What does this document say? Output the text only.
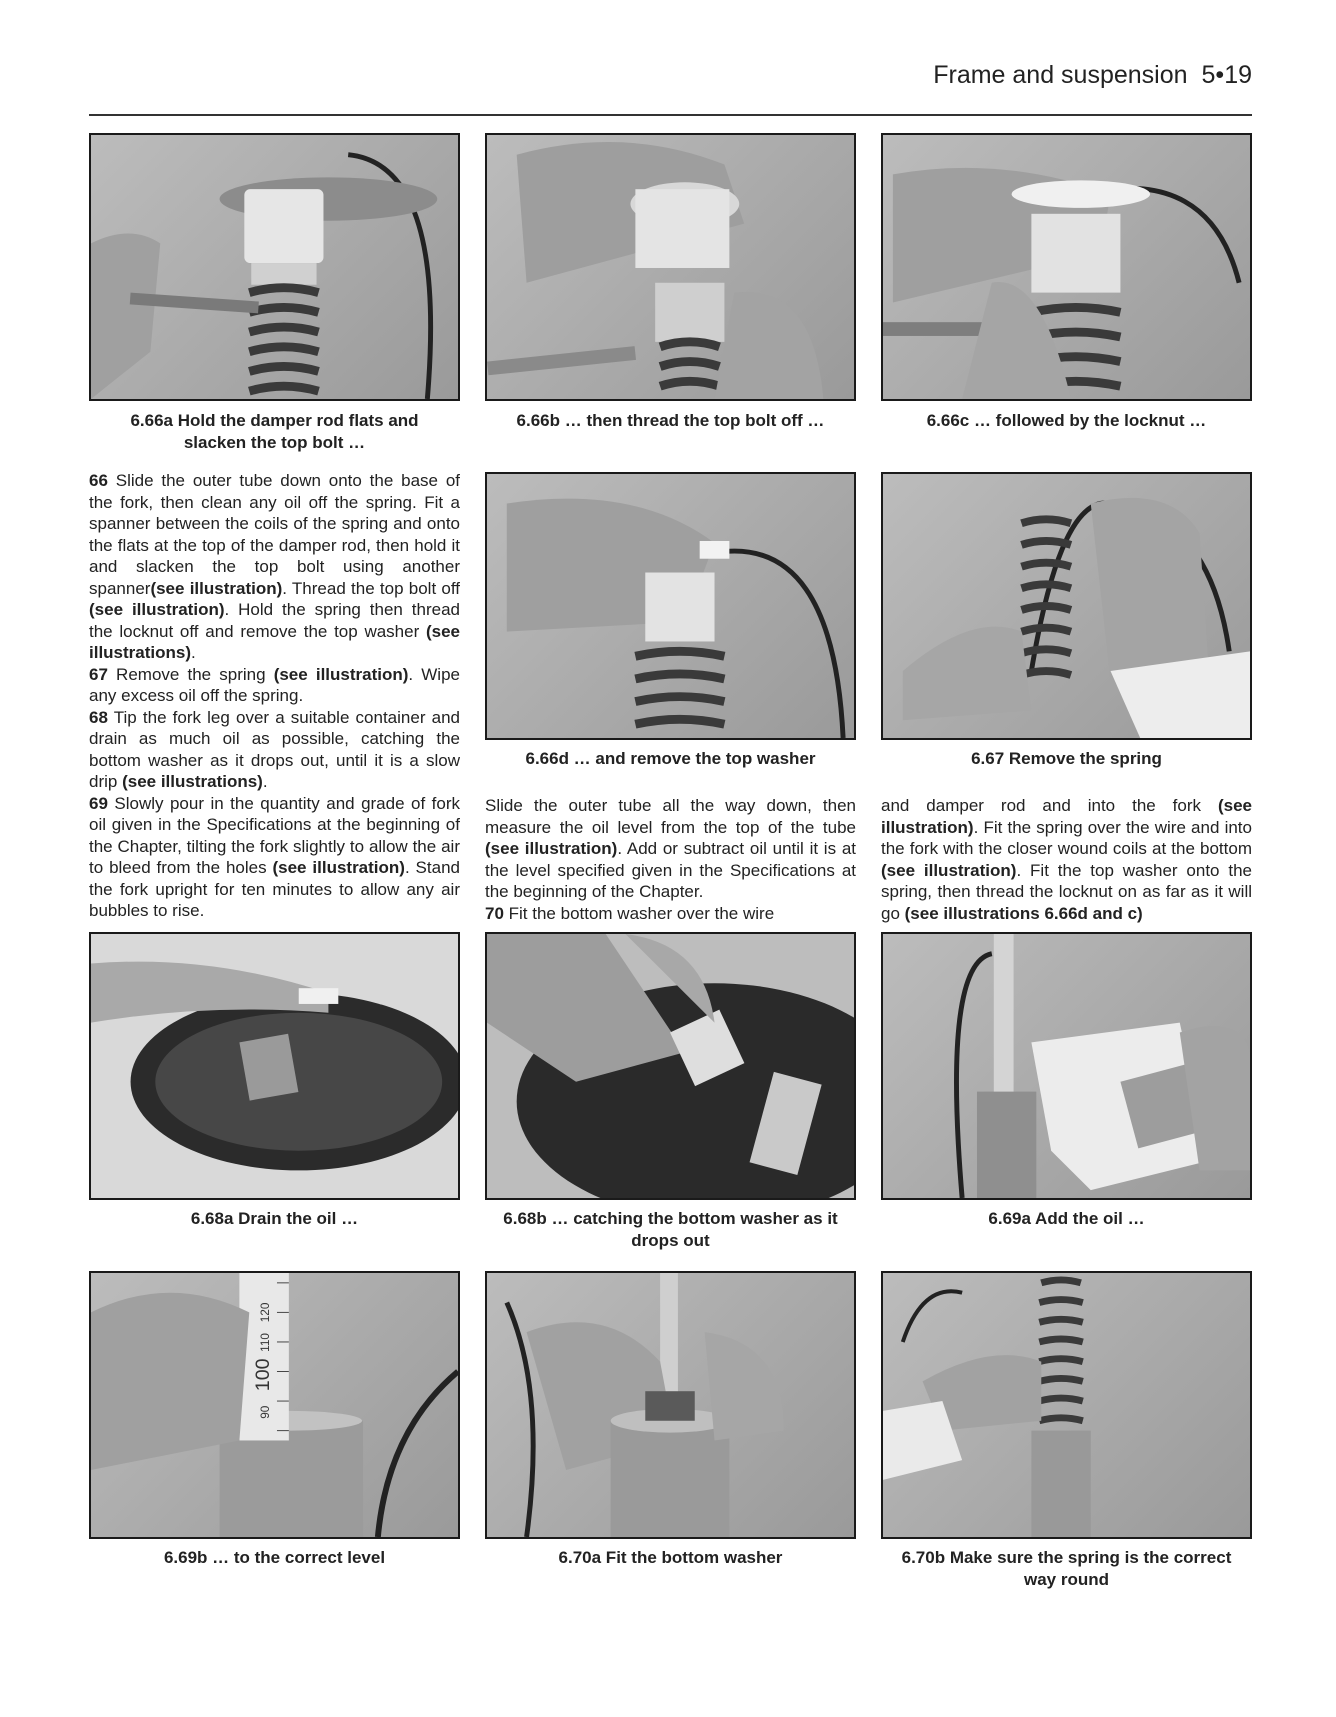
Frame and suspension 5•19
6.66a Hold the damper rod flats and
slacken the top bolt …
6.66b … then thread the top bolt off …	6.66c … followed by the locknut …

66 Slide the outer tube down onto the base of the fork, then clean any oil off the spring. Fit a spanner between the coils of the spring and onto the flats at the top of the damper rod, then hold it and slacken the top bolt using another spanner(see illustration). Thread the top bolt off (see illustration). Hold the spring then thread the locknut off and remove the top washer (see illustrations).
67 Remove the spring (see illustration). Wipe any excess oil off the spring.
68 Tip the fork leg over a suitable container and drain as much oil as possible, catching the bottom washer as it drops out, until it is a slow drip (see illustrations).
69 Slowly pour in the quantity and grade of fork oil given in the Specifications at the beginning of the Chapter, tilting the fork slightly to allow the air to bleed from the holes (see illustration). Stand the fork upright for ten minutes to allow any air bubbles to rise.

6.66d … and remove the top washer	6.67 Remove the spring

Slide the outer tube all the way down, then measure the oil level from the top of the tube (see illustration). Add or subtract oil until it is at the level specified given in the Specifications at the beginning of the Chapter.
70 Fit the bottom washer over the wire

and damper rod and into the fork (see illustration). Fit the spring over the wire and into the fork with the closer wound coils at the bottom (see illustration). Fit the top washer onto the spring, then thread the locknut on as far as it will go (see illustrations 6.66d and c)

6.68a Drain the oil …	6.68b … catching the bottom washer as it
drops out
6.69a Add the oil …
90
100
110
120
6.69b … to the correct level	6.70a Fit the bottom washer	6.70b Make sure the spring is the correct
way round
